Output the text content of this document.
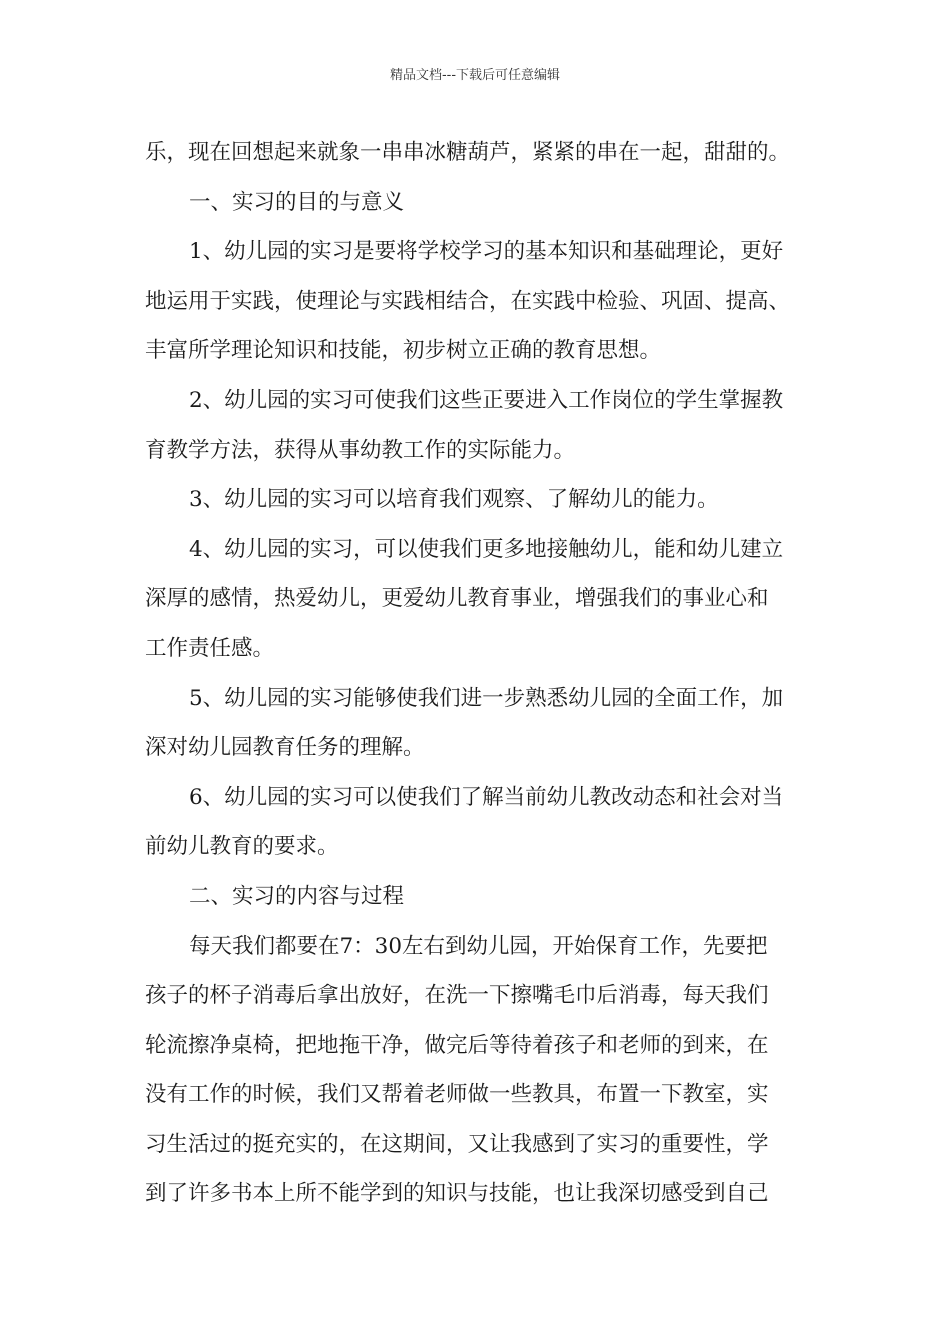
精品文档---下载后可任意编辑
乐，现在回想起来就象一串串冰糖葫芦，紧紧的串在一起，甜甜的。
一、实习的目的与意义
1、幼儿园的实习是要将学校学习的基本知识和基础理论，更好
地运用于实践，使理论与实践相结合，在实践中检验、巩固、提高、
丰富所学理论知识和技能，初步树立正确的教育思想。
2、幼儿园的实习可使我们这些正要进入工作岗位的学生掌握教
育教学方法，获得从事幼教工作的实际能力。
3、幼儿园的实习可以培育我们观察、了解幼儿的能力。
4、幼儿园的实习，可以使我们更多地接触幼儿，能和幼儿建立
深厚的感情，热爱幼儿，更爱幼儿教育事业，增强我们的事业心和
工作责任感。
5、幼儿园的实习能够使我们进一步熟悉幼儿园的全面工作，加
深对幼儿园教育任务的理解。
6、幼儿园的实习可以使我们了解当前幼儿教改动态和社会对当
前幼儿教育的要求。
二、实习的内容与过程
每天我们都要在7：30左右到幼儿园，开始保育工作，先要把
孩子的杯子消毒后拿出放好，在洗一下擦嘴毛巾后消毒，每天我们
轮流擦净桌椅，把地拖干净，做完后等待着孩子和老师的到来，在
没有工作的时候，我们又帮着老师做一些教具，布置一下教室，实
习生活过的挺充实的，在这期间，又让我感到了实习的重要性，学
到了许多书本上所不能学到的知识与技能，也让我深切感受到自己
